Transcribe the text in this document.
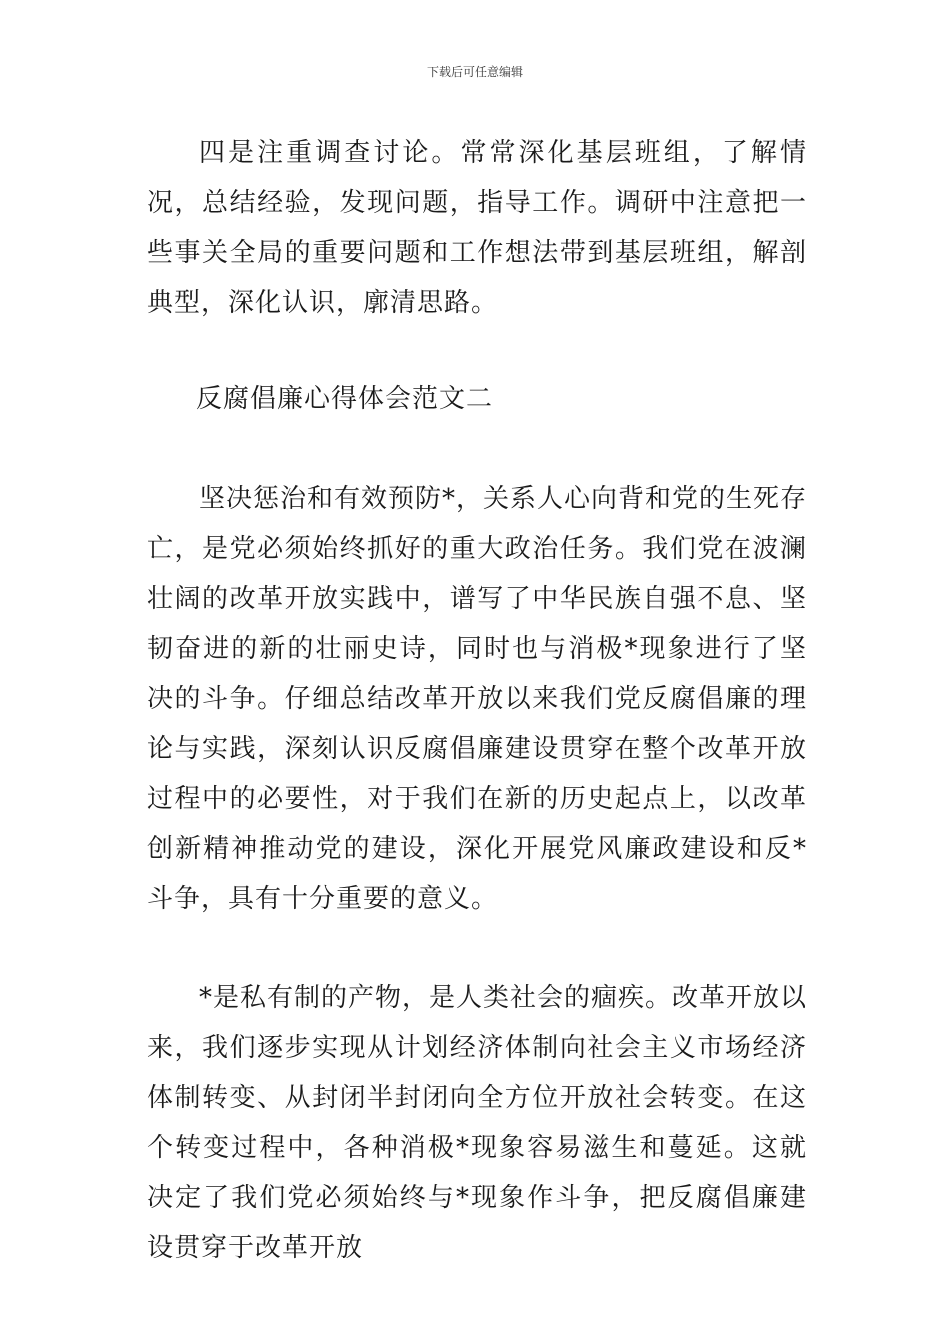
下载后可任意编辑

四是注重调查讨论。常常深化基层班组，了解情况，总结经验，发现问题，指导工作。调研中注意把一些事关全局的重要问题和工作想法带到基层班组，解剖典型，深化认识，廓清思路。

反腐倡廉心得体会范文二

坚决惩治和有效预防*，关系人心向背和党的生死存亡，是党必须始终抓好的重大政治任务。我们党在波澜壮阔的改革开放实践中，谱写了中华民族自强不息、坚韧奋进的新的壮丽史诗，同时也与消极*现象进行了坚决的斗争。仔细总结改革开放以来我们党反腐倡廉的理论与实践，深刻认识反腐倡廉建设贯穿在整个改革开放过程中的必要性，对于我们在新的历史起点上，以改革创新精神推动党的建设，深化开展党风廉政建设和反*斗争，具有十分重要的意义。

*是私有制的产物，是人类社会的痼疾。改革开放以来，我们逐步实现从计划经济体制向社会主义市场经济体制转变、从封闭半封闭向全方位开放社会转变。在这个转变过程中，各种消极*现象容易滋生和蔓延。这就决定了我们党必须始终与*现象作斗争，把反腐倡廉建设贯穿于改革开放
